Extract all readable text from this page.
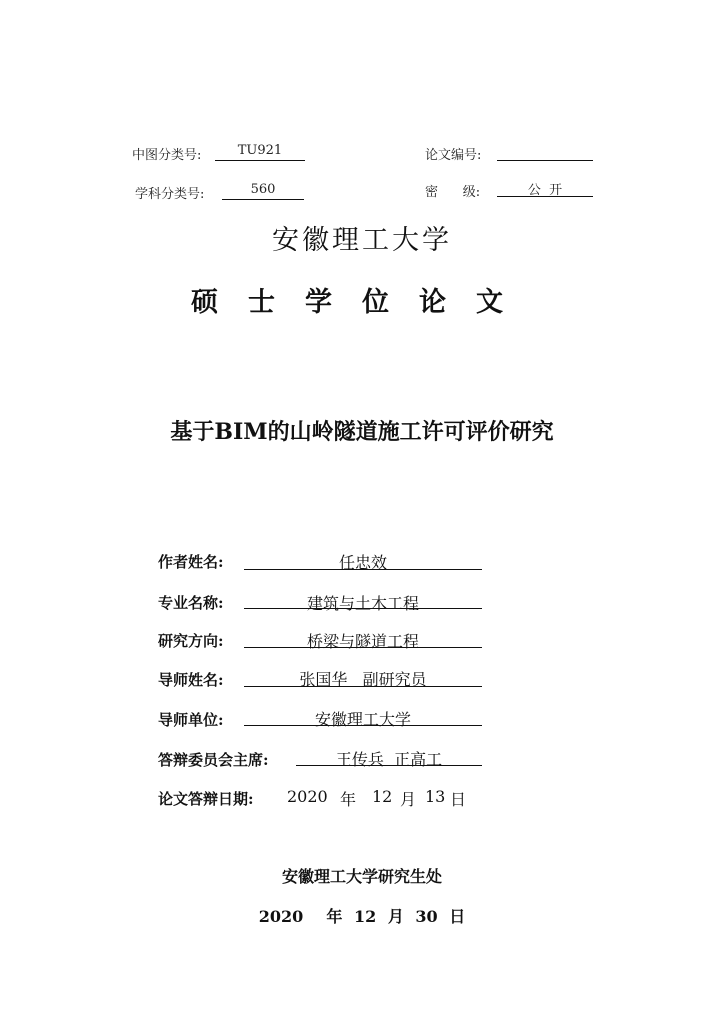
中图分类号:	TU921	论文编号:
学科分类号:	560	密      级:	公  开
安徽理工大学
硕士学位论文
基于BIM的山岭隧道施工许可评价研究
作者姓名:	任忠效
专业名称:	建筑与土木工程
研究方向:	桥梁与隧道工程
导师姓名:	张国华   副研究员
导师单位:	安徽理工大学
答辩委员会主席:	王传兵  正高工
论文答辩日期: 2020 年 12 月 13 日
安徽理工大学研究生处
2020  年 12 月 30 日
